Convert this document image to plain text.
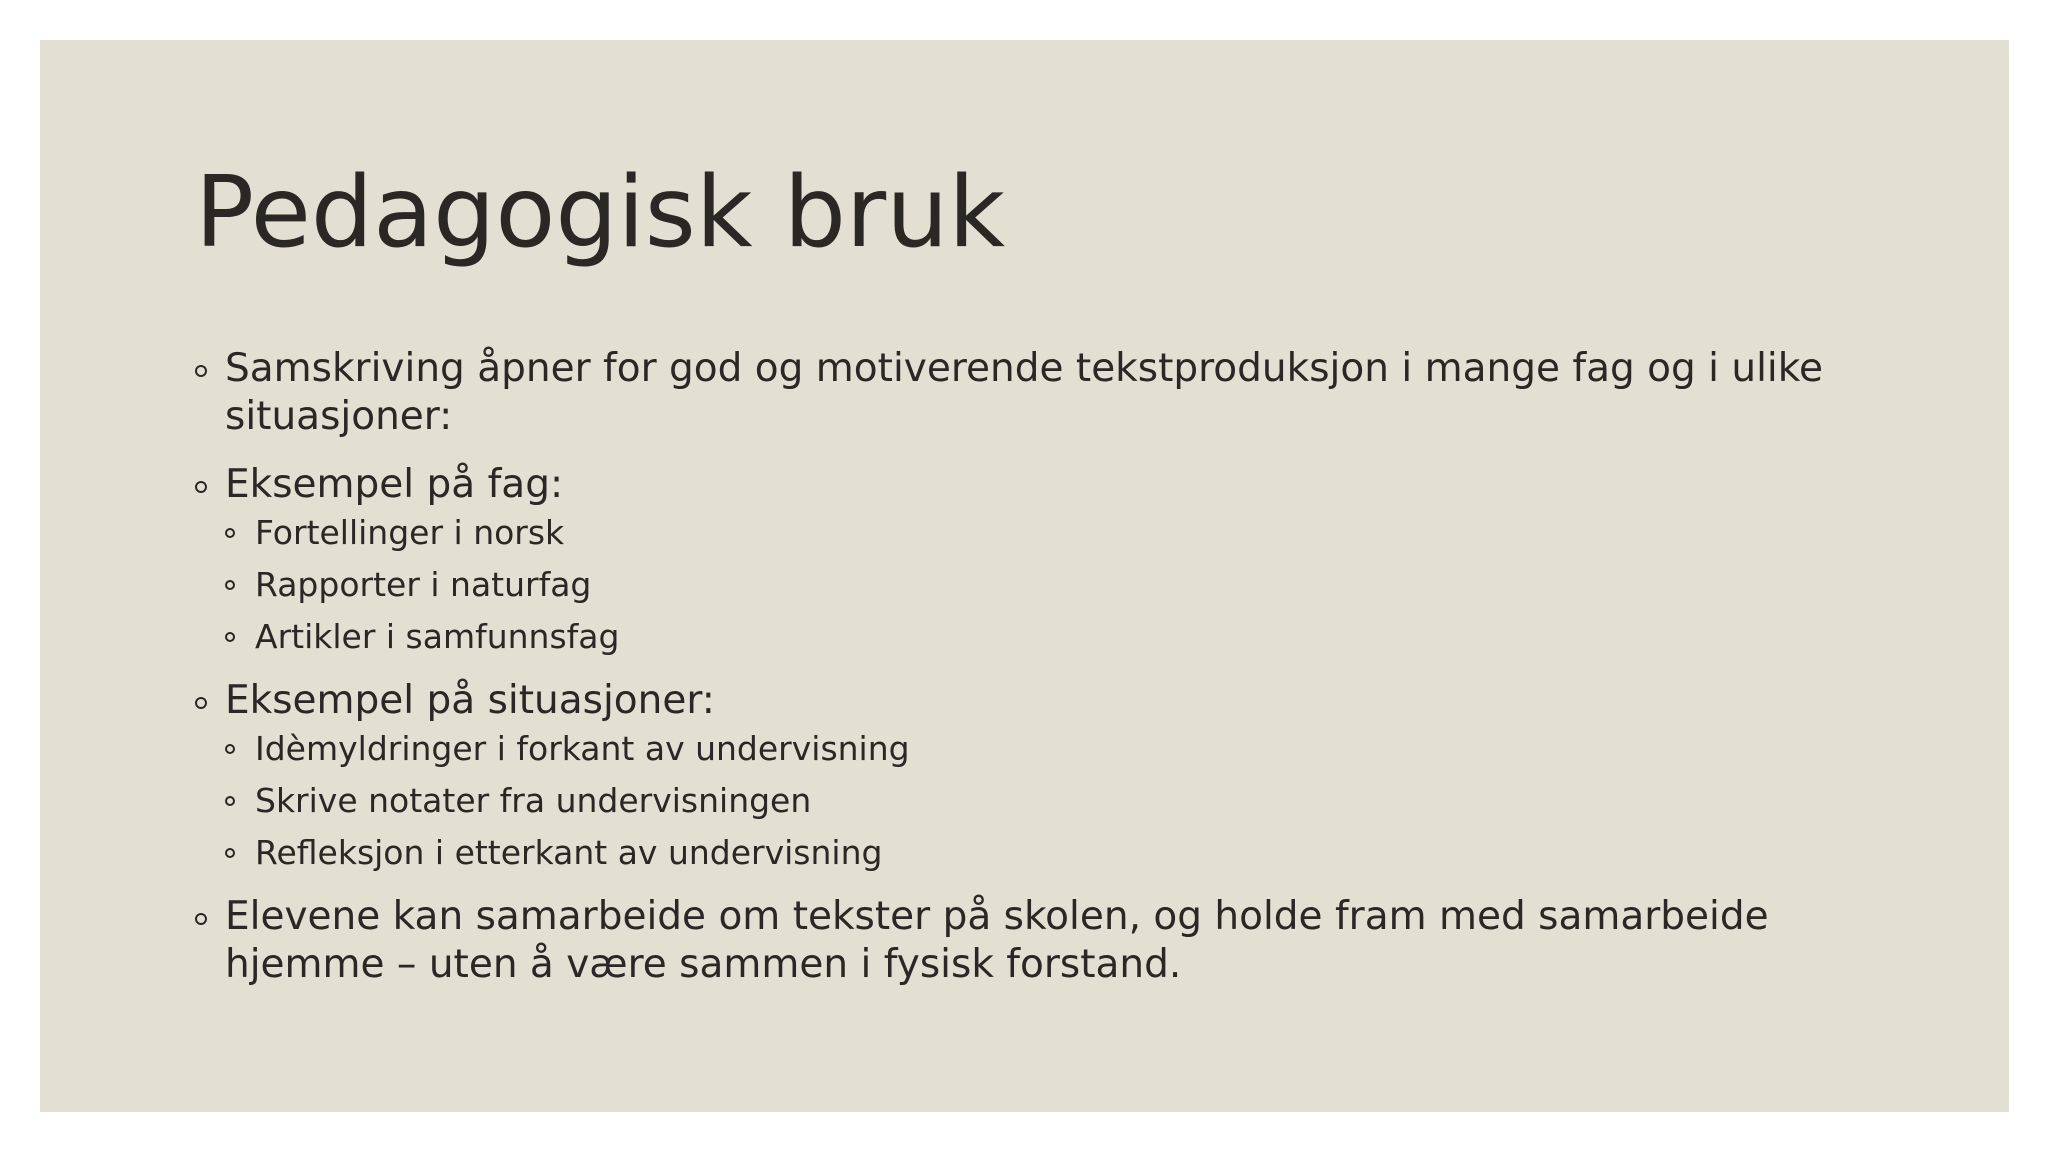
Pedagogisk bruk
Samskriving åpner for god og motiverende tekstproduksjon i mange fag og i ulike situasjoner:
Eksempel på fag:
Fortellinger i norsk
Rapporter i naturfag
Artikler i samfunnsfag
Eksempel på situasjoner:
Idèmyldringer i forkant av undervisning
Skrive notater fra undervisningen
Refleksjon i etterkant av undervisning
Elevene kan samarbeide om tekster på skolen, og holde fram med samarbeide hjemme – uten å være sammen i fysisk forstand.
